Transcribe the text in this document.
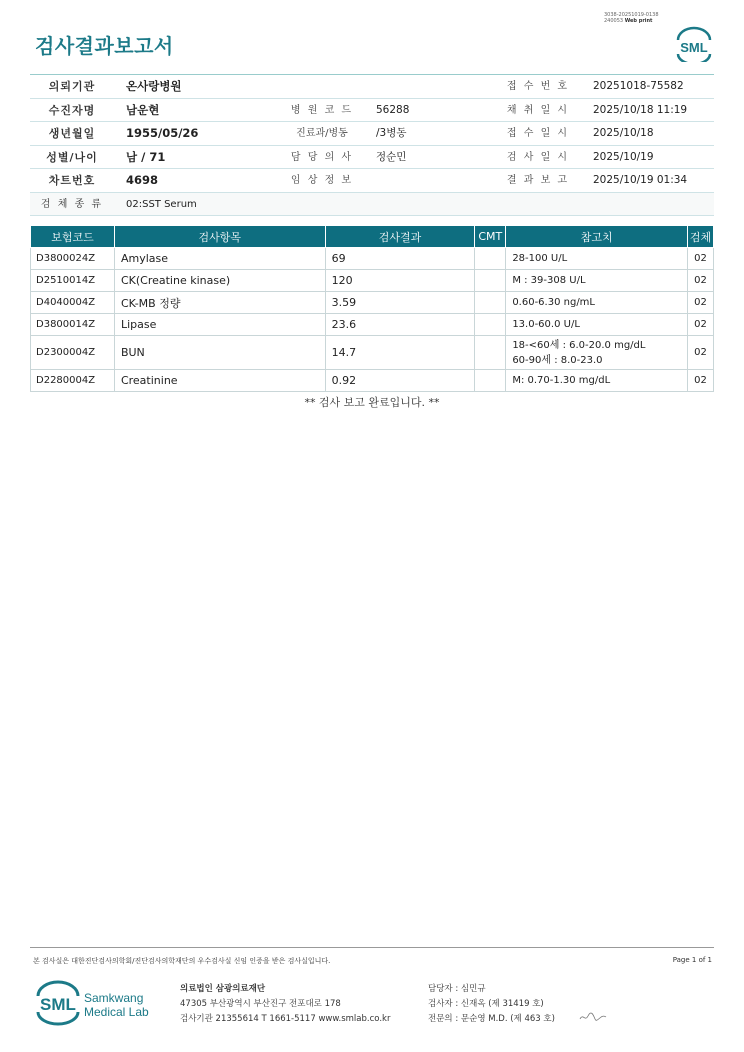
검사결과보고서
3038-20251019-0138
240053 Web print
SML
의뢰기관	온사랑병원	접 수 번 호	20251018-75582
수진자명	남운현	병 원 코 드	56288	채 취 일 시	2025/10/18 11:19
생년월일	1955/05/26	진료과/병동	/3병동	접 수 일 시	2025/10/18
성별/나이	남 / 71	담 당 의 사	정순민	검 사 일 시	2025/10/19
차트번호	4698	임 상 정 보	결 과 보 고	2025/10/19 01:34
검 체 종 류	02:SST Serum
보험코드	검사항목	검사결과	CMT	참고치	검체
D3800024Z	Amylase	69		28-100 U/L	02
D2510014Z	CK(Creatine kinase)	120		M : 39-308 U/L	02
D4040004Z	CK-MB 정량	3.59		0.60-6.30 ng/mL	02
D3800014Z	Lipase	23.6		13.0-60.0 U/L	02
D2300004Z	BUN	14.7		18-<60세 : 6.0-20.0 mg/dL
60-90세 : 8.0-23.0	02
D2280004Z	Creatinine	0.92		M: 0.70-1.30 mg/dL	02
** 검사 보고 완료입니다. **
본 검사실은 대한진단검사의학회/진단검사의학재단의 우수검사실 신임 인증을 받은 검사실입니다.	Page 1 of 1
SML Samkwang
Medical Lab
의료법인 삼광의료재단
47305 부산광역시 부산진구 전포대로 178
검사기관 21355614 T 1661-5117 www.smlab.co.kr
담당자 : 심민규
검사자 : 신재옥 (제 31419 호)
전문의 : 문순영 M.D. (제 463 호)
